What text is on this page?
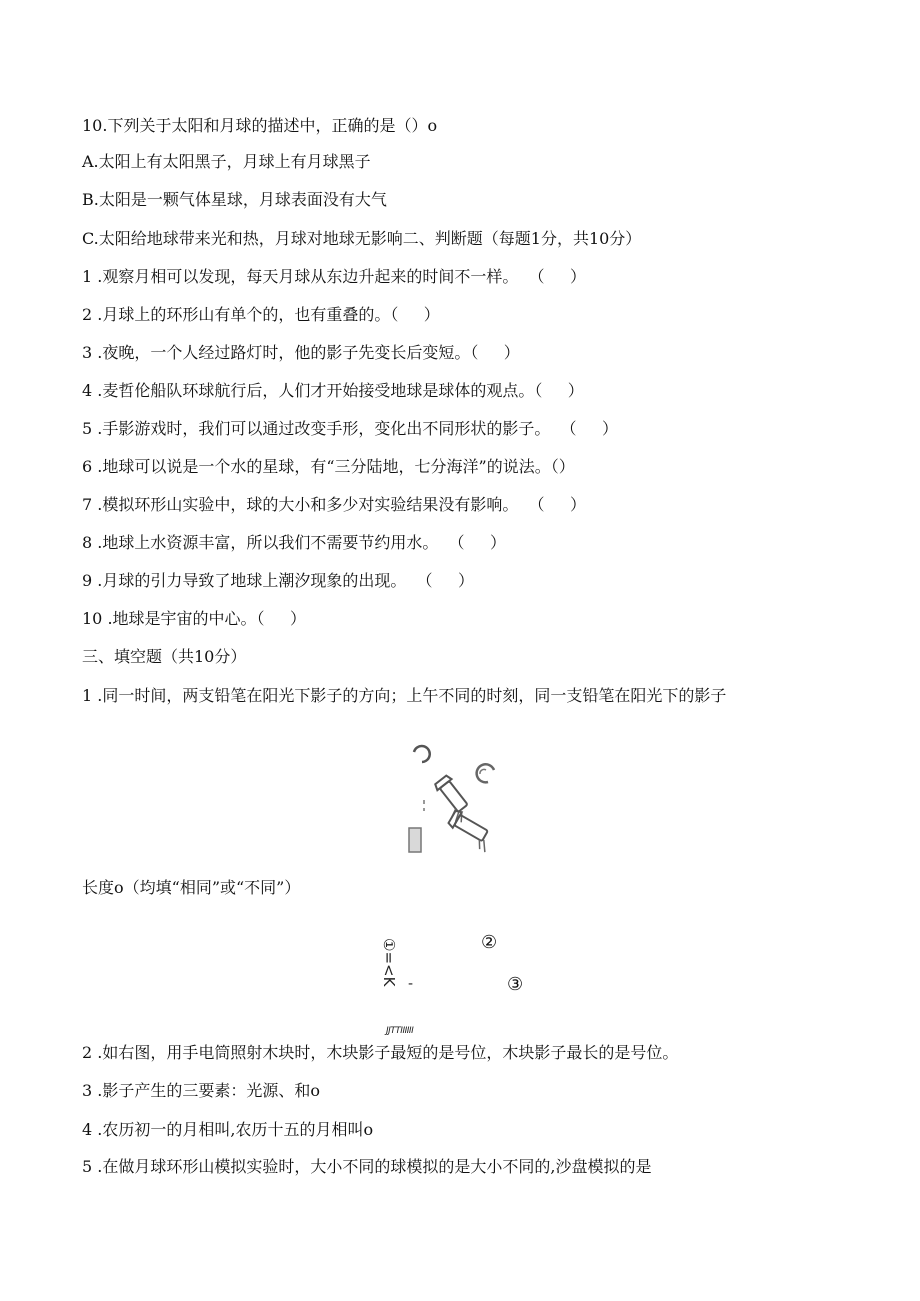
10.下列关于太阳和月球的描述中，正确的是（）o
A.太阳上有太阳黑子，月球上有月球黑子
B.太阳是一颗气体星球，月球表面没有大气
C.太阳给地球带来光和热，月球对地球无影响二、判断题（每题1分，共10分）
1 .观察月相可以发现，每天月球从东边升起来的时间不一样。  （     ）
2 .月球上的环形山有单个的，也有重叠的。（     ）
3 .夜晚，一个人经过路灯时，他的影子先变长后变短。（     ）
4 .麦哲伦船队环球航行后，人们才开始接受地球是球体的观点。（     ）
5 .手影游戏时，我们可以通过改变手形，变化出不同形状的影子。  （     ）
6 .地球可以说是一个水的星球，有“三分陆地，七分海洋”的说法。（）
7 .模拟环形山实验中，球的大小和多少对实验结果没有影响。  （     ）
8 .地球上水资源丰富，所以我们不需要节约用水。  （     ）
9 .月球的引力导致了地球上潮汐现象的出现。  （     ）
10 .地球是宇宙的中心。（     ）
三、填空题（共10分）
1 .同一时间，两支铅笔在阳光下影子的方向；上午不同的时刻，同一支铅笔在阳光下的影子
长度o（均填“相同”或“不同”）
①=<K -
②
③
JJTTIIIIII
2 .如右图，用手电筒照射木块时，木块影子最短的是号位，木块影子最长的是号位。
3 .影子产生的三要素：光源、和o
4 .农历初一的月相叫,农历十五的月相叫o
5 .在做月球环形山模拟实验时，大小不同的球模拟的是大小不同的,沙盘模拟的是
